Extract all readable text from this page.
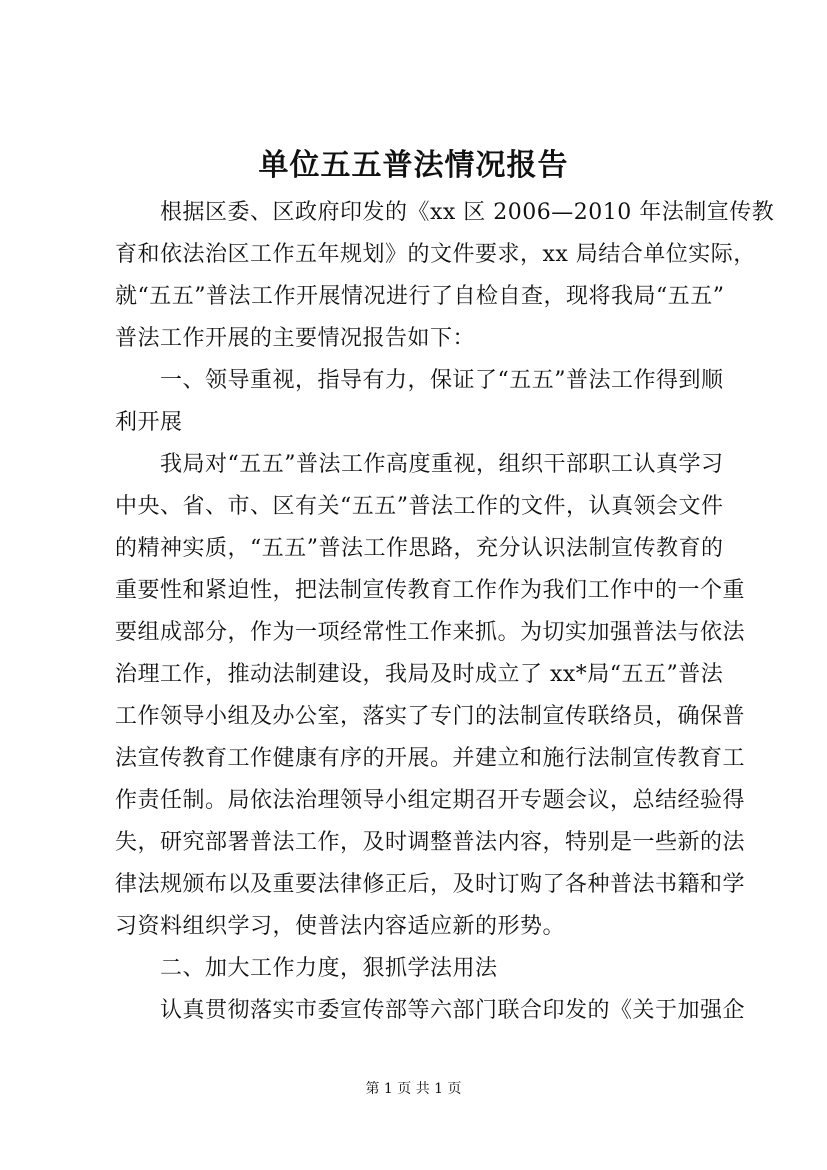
单位五五普法情况报告
根据区委、区政府印发的《xx 区 2006—2010 年法制宣传教
育和依法治区工作五年规划》的文件要求，xx 局结合单位实际，
就“五五”普法工作开展情况进行了自检自查，现将我局“五五”
普法工作开展的主要情况报告如下：
一、领导重视，指导有力，保证了“五五”普法工作得到顺
利开展
我局对“五五”普法工作高度重视，组织干部职工认真学习
中央、省、市、区有关“五五”普法工作的文件，认真领会文件
的精神实质，“五五”普法工作思路，充分认识法制宣传教育的
重要性和紧迫性，把法制宣传教育工作作为我们工作中的一个重
要组成部分，作为一项经常性工作来抓。为切实加强普法与依法
治理工作，推动法制建设，我局及时成立了 xx*局“五五”普法
工作领导小组及办公室，落实了专门的法制宣传联络员，确保普
法宣传教育工作健康有序的开展。并建立和施行法制宣传教育工
作责任制。局依法治理领导小组定期召开专题会议，总结经验得
失，研究部署普法工作，及时调整普法内容，特别是一些新的法
律法规颁布以及重要法律修正后，及时订购了各种普法书籍和学
习资料组织学习，使普法内容适应新的形势。
二、加大工作力度，狠抓学法用法
认真贯彻落实市委宣传部等六部门联合印发的《关于加强企
第 1 页 共 1 页
